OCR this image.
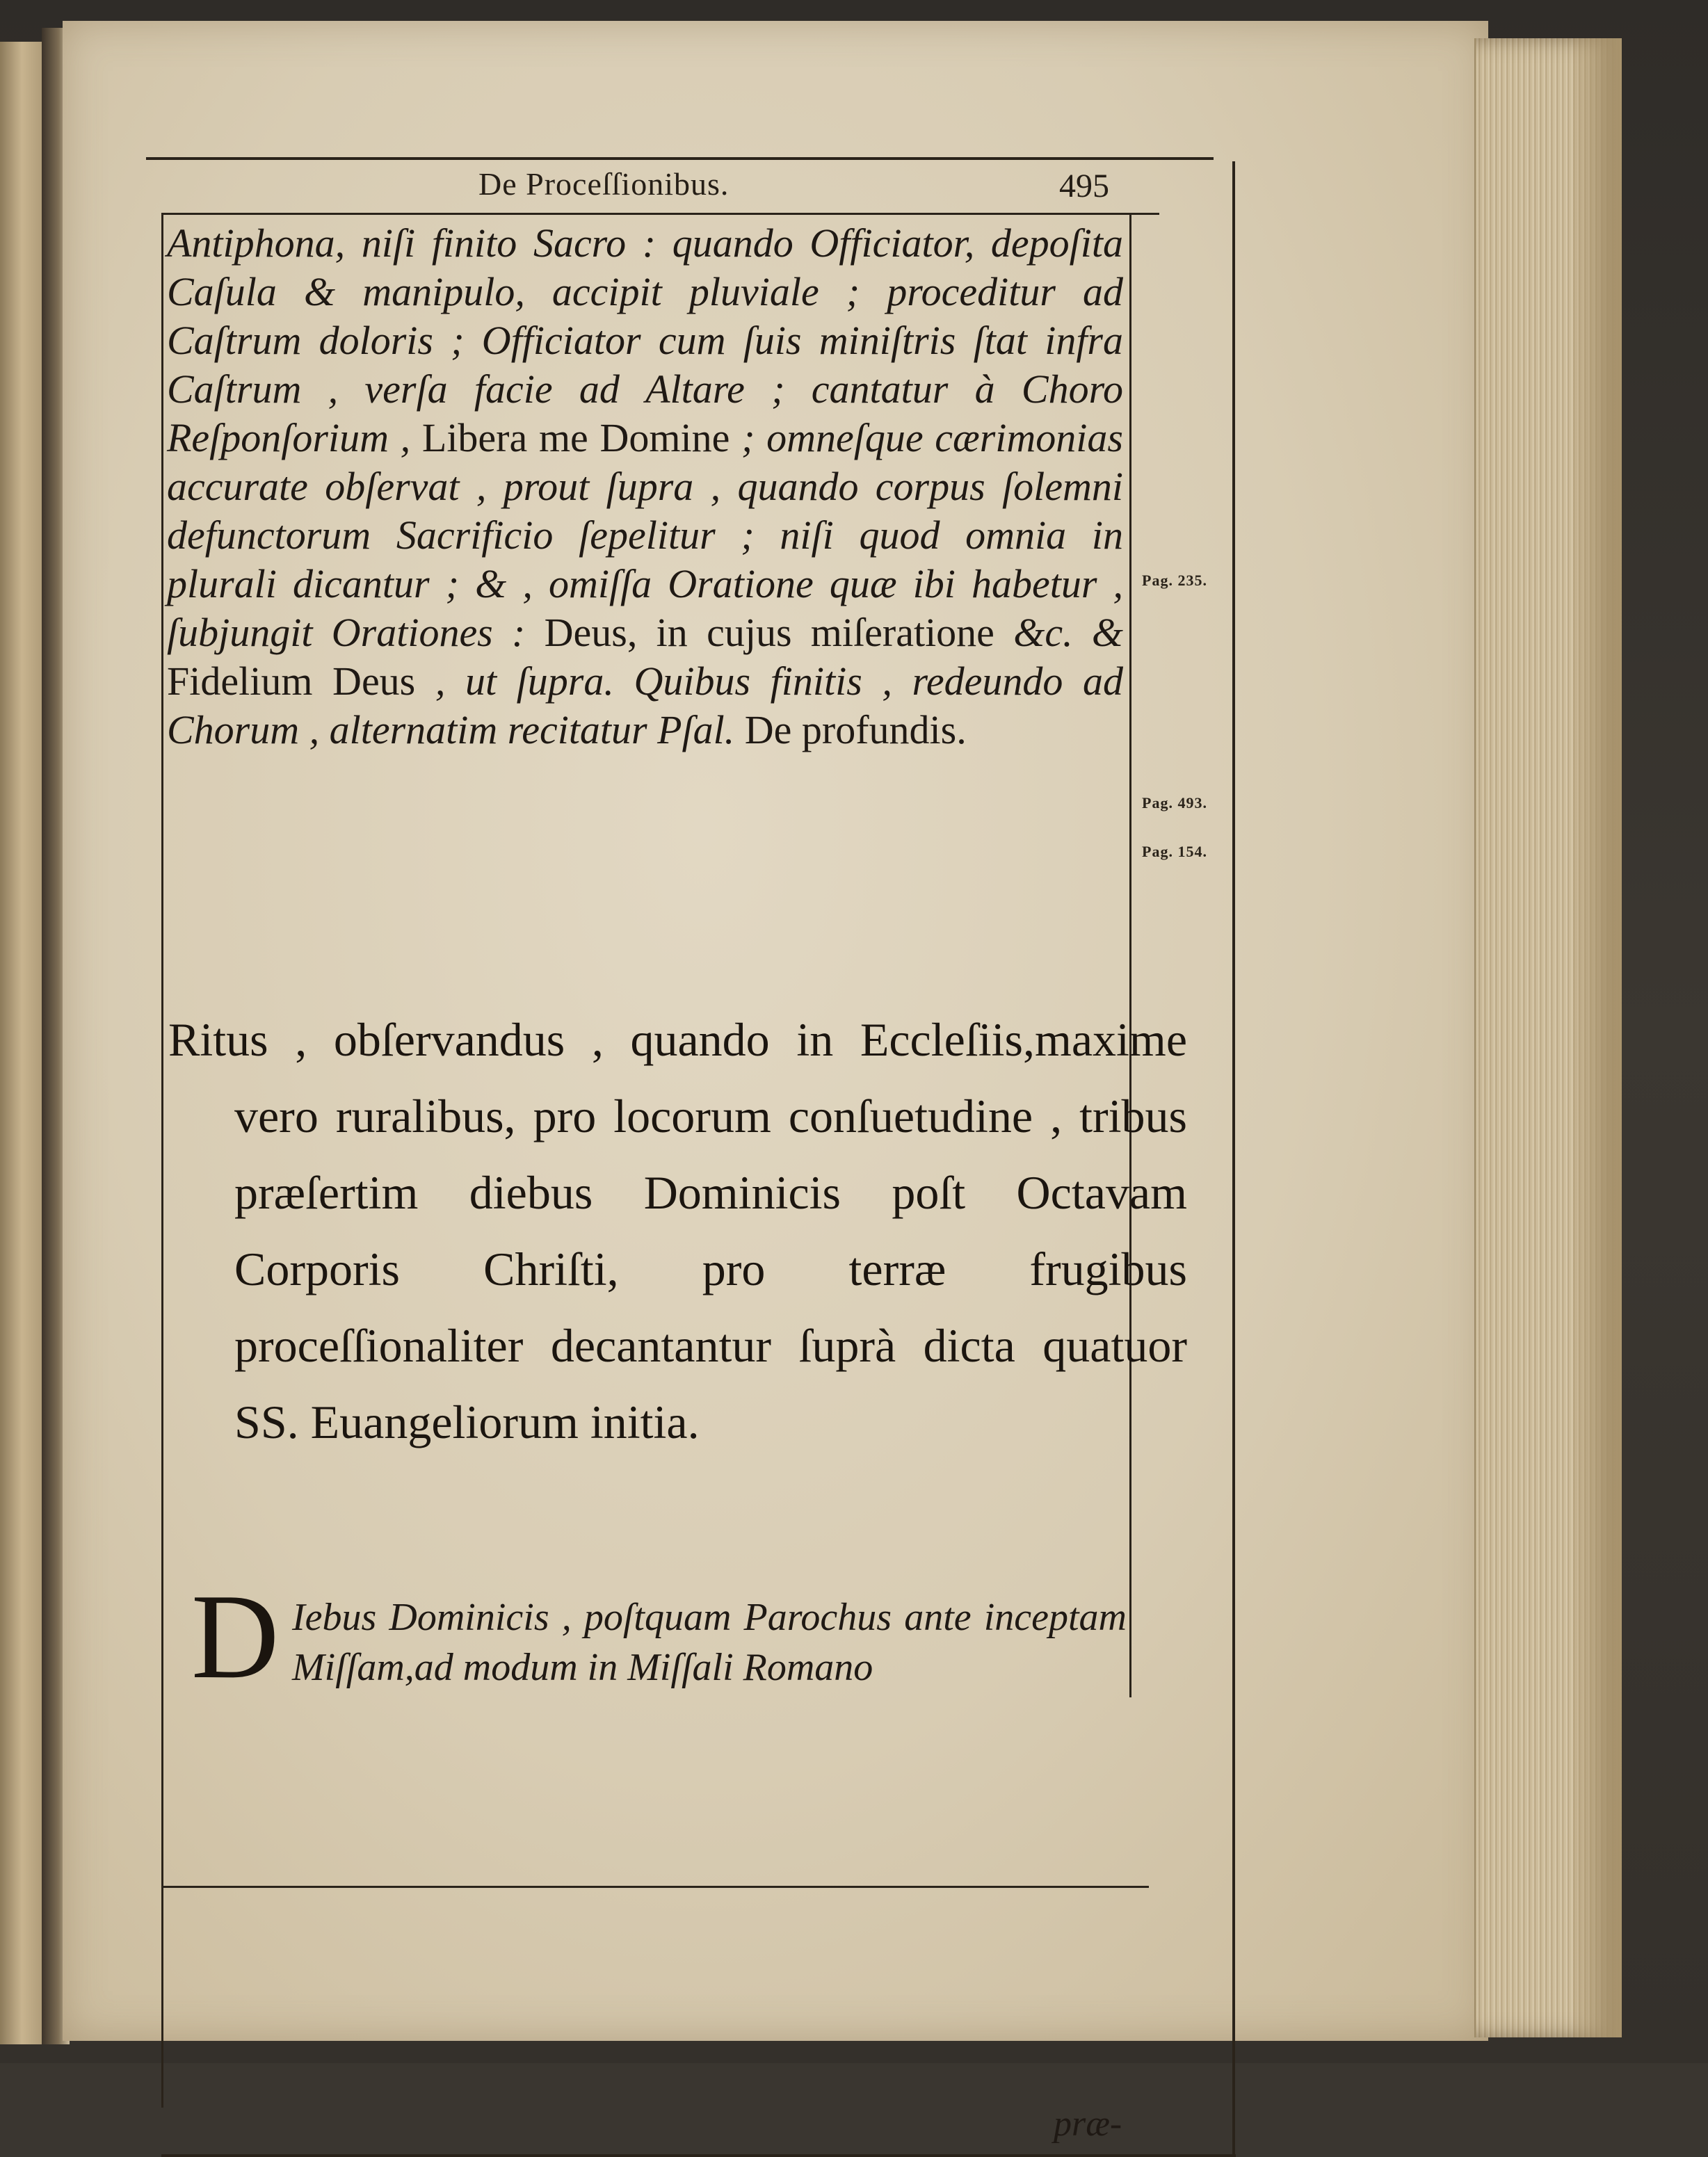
De Proceſſionibus.	495
Antiphona, niſi finito Sacro : quando Officiator, depoſita Caſula & manipulo, accipit pluviale ; proceditur ad Caſtrum doloris ; Officiator cum ſuis miniſtris ſtat infra Caſtrum , verſa facie ad Altare ; cantatur à Choro Reſponſorium , Libera me Domine ; omneſque cærimonias accurate obſervat , prout ſupra , quando corpus ſolemni defunctorum Sacrificio ſepelitur ; niſi quod omnia in plurali dicantur ; & , omiſſa Oratione quæ ibi habetur , ſubjungit Orationes : Deus, in cujus miſeratione &c. & Fidelium Deus , ut ſupra. Quibus finitis , redeundo ad Chorum , alternatim recitatur Pſal. De profundis.
Pag. 235.
Pag. 493.
Pag. 154.
Ritus , obſervandus , quando in Eccleſiis,maxime vero ruralibus, pro locorum conſuetudine , tribus præſertim diebus Dominicis poſt Octavam Corporis Chriſti, pro terræ frugibus proceſſionaliter decantantur ſuprà dicta quatuor SS. Euangeliorum initia.
D Iebus Dominicis , poſtquam Parochus ante inceptam Miſſam,ad modum in Miſſali Romano
præ-
